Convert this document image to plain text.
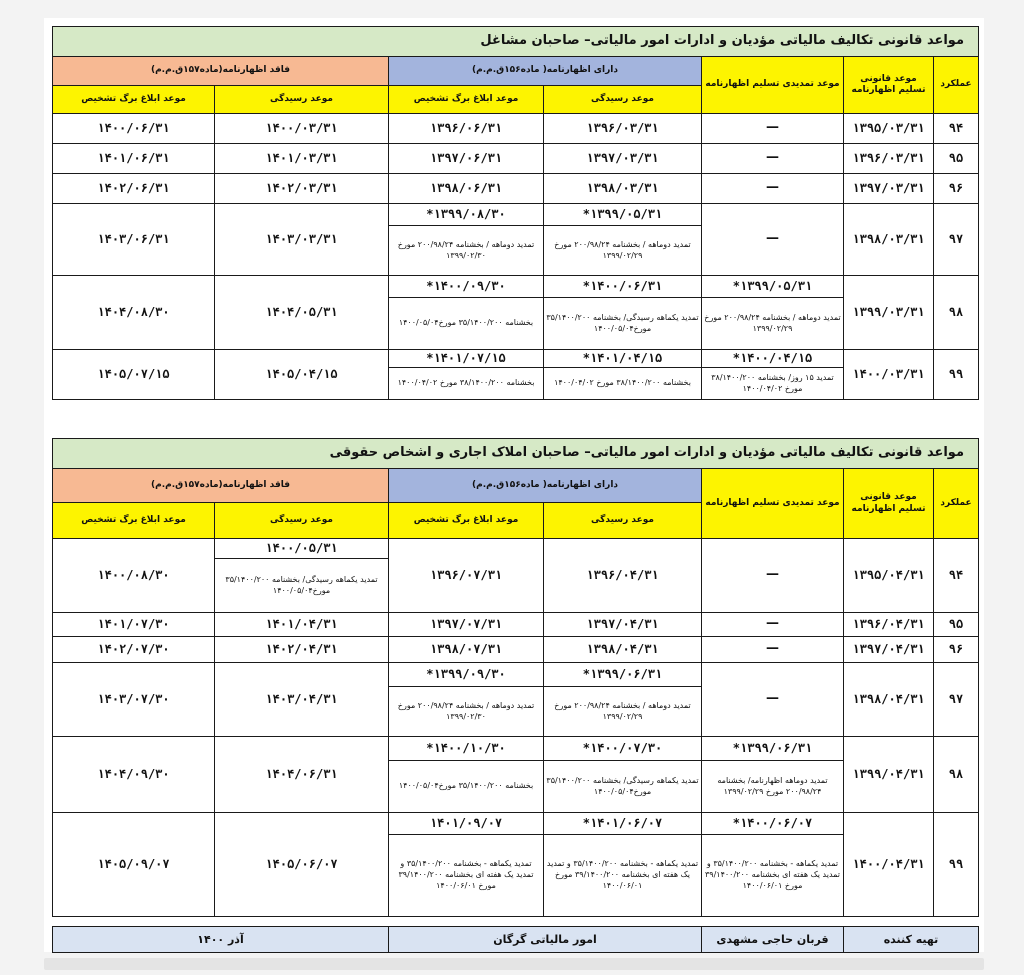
مواعد قانونی تکالیف مالیاتی مؤدیان و ادارات امور مالیاتی– صاحبان مشاغل						
عملکرد	موعد قانونی تسلیم اظهارنامه	موعد تمدیدی تسلیم اظهارنامه	دارای اظهارنامه( ماده۱۵۶ق.م.م)		فاقد اظهارنامه(ماده۱۵۷ق.م.م)	
			موعد رسیدگی	موعد ابلاغ برگ تشخیص	موعد رسیدگی	موعد ابلاغ برگ تشخیص
۹۴	۱۳۹۵/۰۳/۳۱	—	۱۳۹۶/۰۳/۳۱	۱۳۹۶/۰۶/۳۱	۱۴۰۰/۰۳/۳۱	۱۴۰۰/۰۶/۳۱
۹۵	۱۳۹۶/۰۳/۳۱	—	۱۳۹۷/۰۳/۳۱	۱۳۹۷/۰۶/۳۱	۱۴۰۱/۰۳/۳۱	۱۴۰۱/۰۶/۳۱
۹۶	۱۳۹۷/۰۳/۳۱	—	۱۳۹۸/۰۳/۳۱	۱۳۹۸/۰۶/۳۱	۱۴۰۲/۰۳/۳۱	۱۴۰۲/۰۶/۳۱
۹۷	۱۳۹۸/۰۳/۳۱	—	۱۳۹۹/۰۵/۳۱*	۱۳۹۹/۰۸/۳۰*	۱۴۰۳/۰۳/۳۱	۱۴۰۳/۰۶/۳۱
			تمدید دوماهه / بخشنامه ۲۰۰/۹۸/۲۴ مورخ ۱۳۹۹/۰۲/۲۹	تمدید دوماهه / بخشنامه ۲۰۰/۹۸/۲۴ مورخ ۱۳۹۹/۰۲/۳۰		
۹۸	۱۳۹۹/۰۳/۳۱	۱۳۹۹/۰۵/۳۱*	۱۴۰۰/۰۶/۳۱*	۱۴۰۰/۰۹/۳۰*	۱۴۰۴/۰۵/۳۱	۱۴۰۴/۰۸/۳۰
		تمدید دوماهه / بخشنامه ۲۰۰/۹۸/۲۴ مورخ ۱۳۹۹/۰۲/۲۹	تمدید یکماهه رسیدگی/ بخشنامه ۳۵/۱۴۰۰/۲۰۰ مورخ۱۴۰۰/۰۵/۰۴	بخشنامه ۳۵/۱۴۰۰/۲۰۰ مورخ۱۴۰۰/۰۵/۰۴		
۹۹	۱۴۰۰/۰۳/۳۱	۱۴۰۰/۰۴/۱۵*	۱۴۰۱/۰۴/۱۵*	۱۴۰۱/۰۷/۱۵*	۱۴۰۵/۰۴/۱۵	۱۴۰۵/۰۷/۱۵
		تمدید ۱۵ روز/ بخشنامه ۳۸/۱۴۰۰/۲۰۰ مورخ ۱۴۰۰/۰۴/۰۲	بخشنامه ۳۸/۱۴۰۰/۲۰۰ مورخ ۱۴۰۰/۰۴/۰۲	بخشنامه ۳۸/۱۴۰۰/۲۰۰ مورخ ۱۴۰۰/۰۴/۰۲		
مواعد قانونی تکالیف مالیاتی مؤدیان و ادارات امور مالیاتی– صاحبان املاک اجاری و اشخاص حقوقی						
عملکرد	موعد قانونی تسلیم اظهارنامه	موعد تمدیدی تسلیم اظهارنامه	دارای اظهارنامه( ماده۱۵۶ق.م.م)		فاقد اظهارنامه(ماده۱۵۷ق.م.م)	
			موعد رسیدگی	موعد ابلاغ برگ تشخیص	موعد رسیدگی	موعد ابلاغ برگ تشخیص
۹۴	۱۳۹۵/۰۴/۳۱	—	۱۳۹۶/۰۴/۳۱	۱۳۹۶/۰۷/۳۱	۱۴۰۰/۰۵/۳۱	۱۴۰۰/۰۸/۳۰
					تمدید یکماهه رسیدگی/ بخشنامه ۳۵/۱۴۰۰/۲۰۰ مورخ۱۴۰۰/۰۵/۰۴	
۹۵	۱۳۹۶/۰۴/۳۱	—	۱۳۹۷/۰۴/۳۱	۱۳۹۷/۰۷/۳۱	۱۴۰۱/۰۴/۳۱	۱۴۰۱/۰۷/۳۰
۹۶	۱۳۹۷/۰۴/۳۱	—	۱۳۹۸/۰۴/۳۱	۱۳۹۸/۰۷/۳۱	۱۴۰۲/۰۴/۳۱	۱۴۰۲/۰۷/۳۰
۹۷	۱۳۹۸/۰۴/۳۱	—	۱۳۹۹/۰۶/۳۱*	۱۳۹۹/۰۹/۳۰*	۱۴۰۳/۰۴/۳۱	۱۴۰۳/۰۷/۳۰
			تمدید دوماهه / بخشنامه ۲۰۰/۹۸/۲۴ مورخ ۱۳۹۹/۰۲/۲۹	تمدید دوماهه / بخشنامه ۲۰۰/۹۸/۲۴ مورخ ۱۳۹۹/۰۲/۳۰		
۹۸	۱۳۹۹/۰۴/۳۱	۱۳۹۹/۰۶/۳۱*	۱۴۰۰/۰۷/۳۰*	۱۴۰۰/۱۰/۳۰*	۱۴۰۴/۰۶/۳۱	۱۴۰۴/۰۹/۳۰
		تمدید دوماهه اظهارنامه/ بخشنامه ۲۰۰/۹۸/۲۴ مورخ ۱۳۹۹/۰۲/۲۹	تمدید یکماهه رسیدگی/ بخشنامه ۳۵/۱۴۰۰/۲۰۰ مورخ۱۴۰۰/۰۵/۰۴	بخشنامه ۳۵/۱۴۰۰/۲۰۰ مورخ۱۴۰۰/۰۵/۰۴		
۹۹	۱۴۰۰/۰۴/۳۱	۱۴۰۰/۰۶/۰۷*	۱۴۰۱/۰۶/۰۷*	۱۴۰۱/۰۹/۰۷	۱۴۰۵/۰۶/۰۷	۱۴۰۵/۰۹/۰۷
		تمدید یکماهه - بخشنامه ۳۵/۱۴۰۰/۲۰۰ و تمدید یک هفته ای بخشنامه ۳۹/۱۴۰۰/۲۰۰ مورخ ۱۴۰۰/۰۶/۰۱	تمدید یکماهه - بخشنامه ۳۵/۱۴۰۰/۲۰۰ و تمدید یک هفته ای بخشنامه ۳۹/۱۴۰۰/۲۰۰ مورخ ۱۴۰۰/۰۶/۰۱	تمدید یکماهه - بخشنامه ۳۵/۱۴۰۰/۲۰۰ و تمدید یک هفته ای بخشنامه ۳۹/۱۴۰۰/۲۰۰ مورخ ۱۴۰۰/۰۶/۰۱		
تهیه کننده	قربان حاجی مشهدی	امور مالیاتی گرگان	آذر ۱۴۰۰
